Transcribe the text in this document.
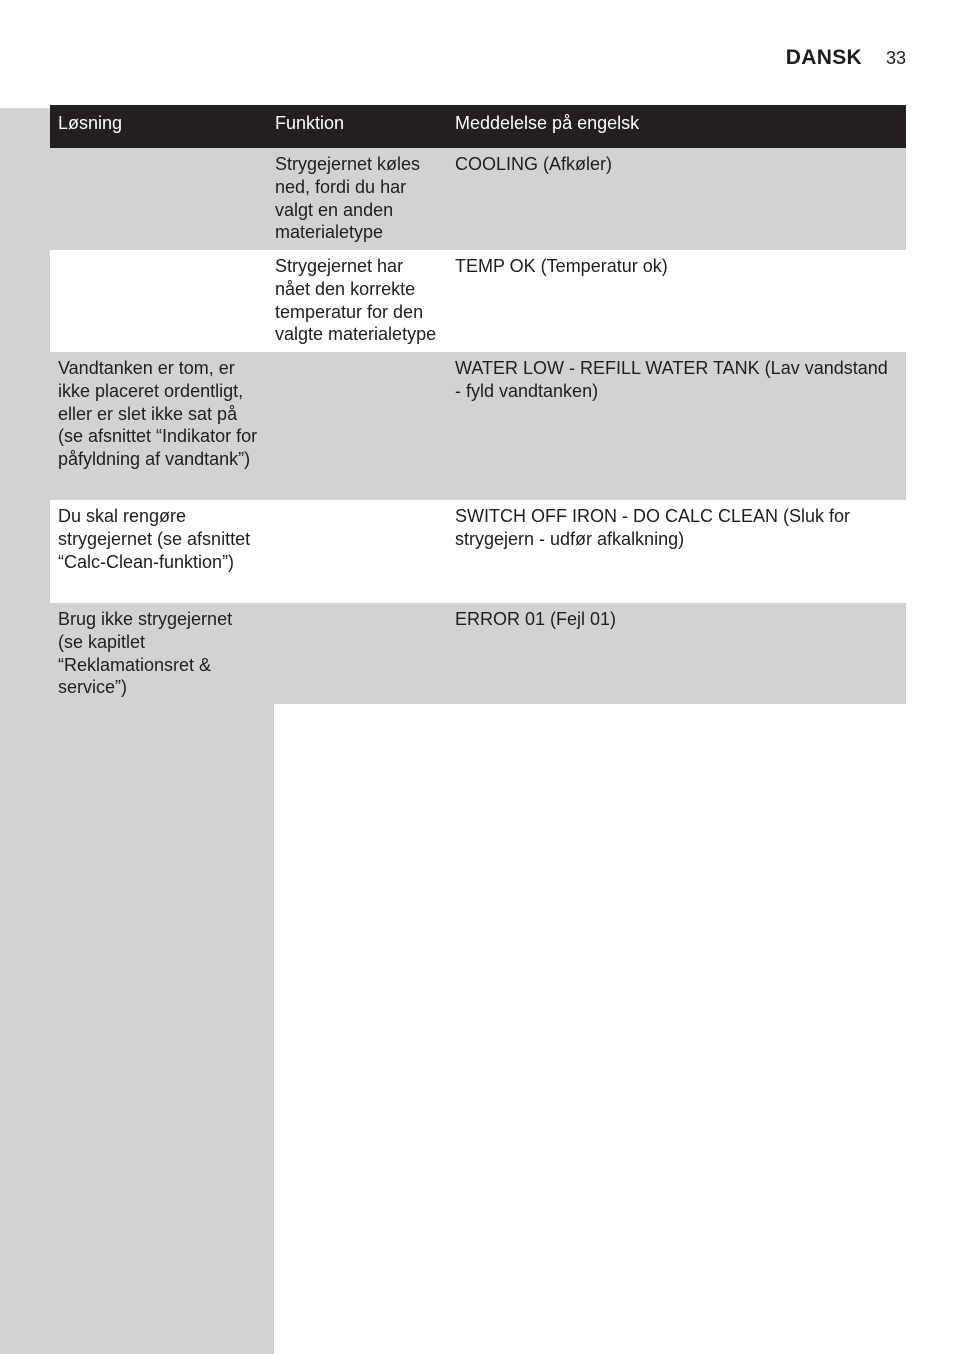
DANSK 33
Løsning	Funktion	Meddelelse på engelsk
Strygejernet køles ned, fordi du har valgt en anden materialetype
COOLING (Afkøler)
Strygejernet har nået den korrekte temperatur for den valgte materialetype
TEMP OK (Temperatur ok)
Vandtanken er tom, er ikke placeret ordentligt, eller er slet ikke sat på (se afsnittet “Indikator for påfyldning af vandtank”)
WATER LOW - REFILL WATER TANK (Lav vandstand - fyld vandtanken)
Du skal rengøre strygejernet (se afsnittet “Calc-Clean-funktion”)
SWITCH OFF IRON - DO CALC CLEAN (Sluk for strygejern - udfør afkalkning)
Brug ikke strygejernet (se kapitlet “Reklamationsret & service”)
ERROR 01 (Fejl 01)
